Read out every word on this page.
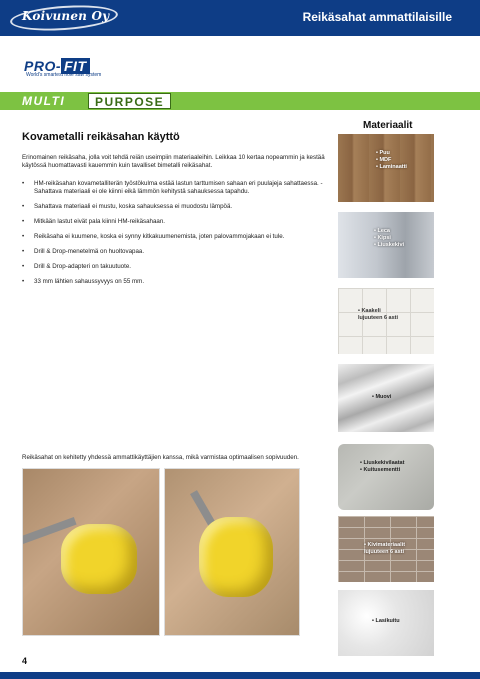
Koivunen Oy	Reikäsahat ammattilaisille
PRO- FIT
World's smartest hole saw system
MULTI	PURPOSE
Kovametalli reikäsahan käyttö

Erinomainen reikäsaha, jolla voit tehdä reiän useimpiin materiaaleihin. Leikkaa 10 kertaa nopeammin ja kestää käytössä huomattavasti kauemmin kuin tavalliset bimetalli reikäsahat.

• HM-reikäsahan kovametalliterän työstökulma estää lastun tarttumisen sahaan eri puulajeja sahattaessa. - Sahattava materiaali ei ole kiinni eikä lämmön kehitystä sahauksessa tapahdu.
• Sahattava materiaali ei mustu, koska sahauksessa ei muodostu lämpöä.
• Mitkään lastut eivät pala kiinni HM-reikäsahaan.
• Reikäsaha ei kuumene, koska ei synny kitkakuumenemista, joten palovammojakaan ei tule.
• Drill & Drop-menetelmä on huoltovapaa.
• Drill & Drop-adapteri on takuutuote.
• 33 mm lähtien sahaussyvyys on 55 mm.

Reikäsahat on kehitetty yhdessä ammattikäyttäjien kanssa, mikä varmistaa optimaalisen sopivuuden.

Materiaalit
• Puu
• MDF
• Laminaatti
• Leca
• Kipsi
• Liuskekivi
• Kaakeli
lujuuteen 6 asti
• Muovi
• Liuskekivilaatat
• Kuitusementti
• Kivimateriaalit
lujuuteen 6 asti
• Lasikuitu
4
